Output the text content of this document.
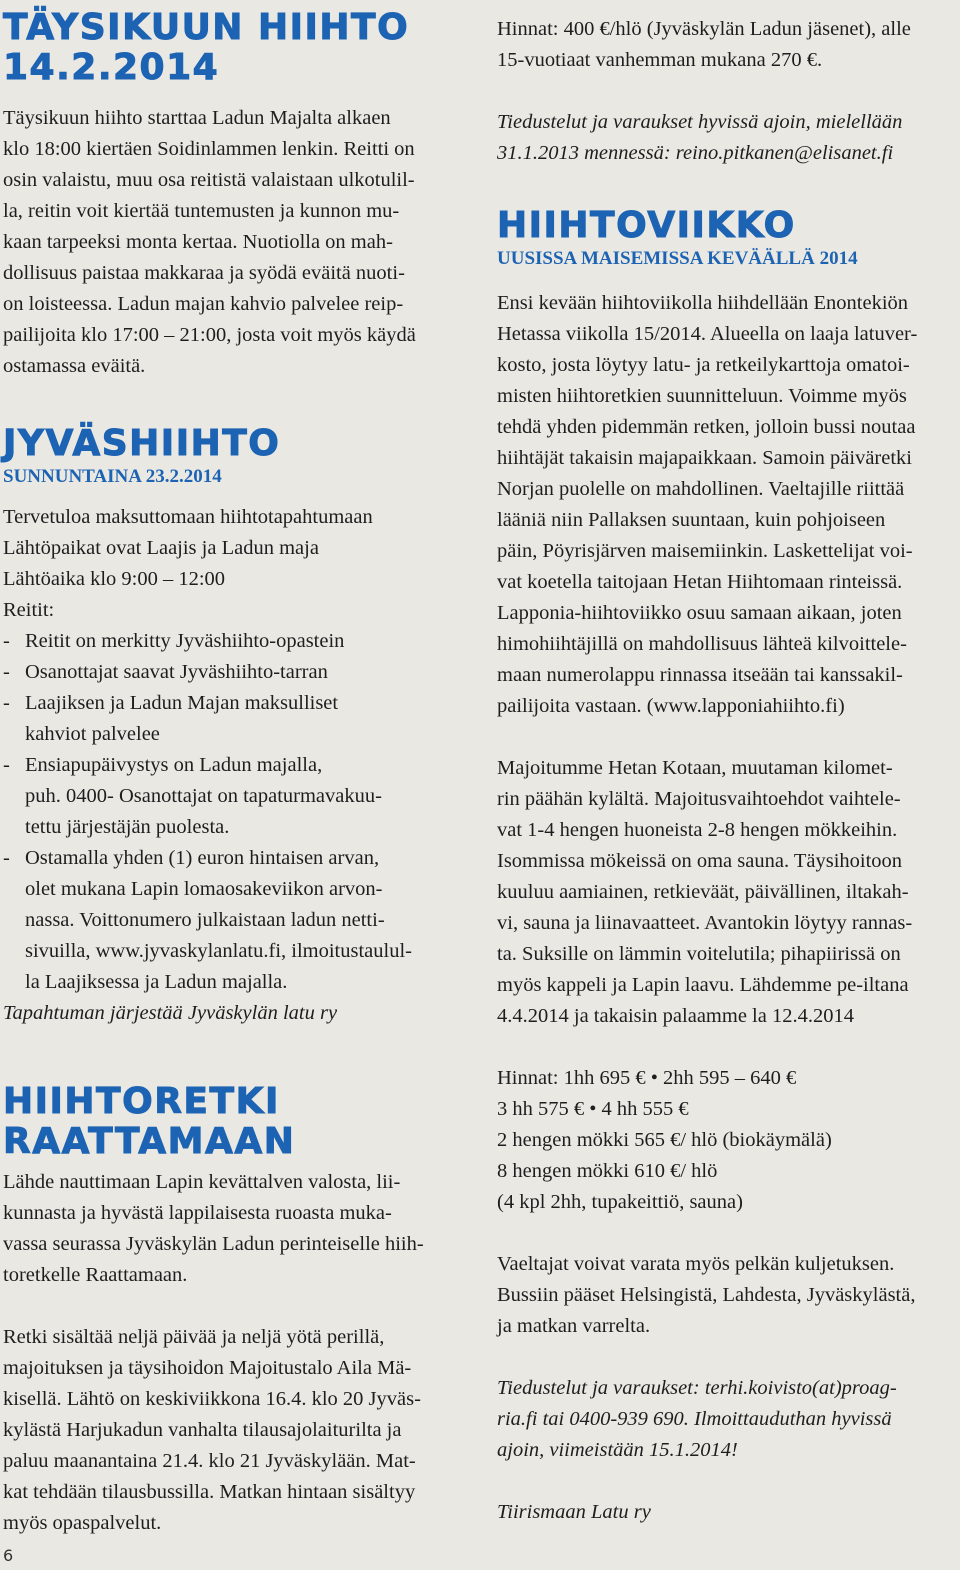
TÄYSIKUUN HIIHTO
14.2.2014
Täysikuun hiihto starttaa Ladun Majalta alkaen
klo 18:00 kiertäen Soidinlammen lenkin. Reitti on
osin valaistu, muu osa reitistä valaistaan ulkotulil-
la, reitin voit kiertää tuntemusten ja kunnon mu-
kaan tarpeeksi monta kertaa. Nuotiolla on mah-
dollisuus paistaa makkaraa ja syödä eväitä nuoti-
on loisteessa. Ladun majan kahvio palvelee reip-
pailijoita klo 17:00 – 21:00, josta voit myös käydä
ostamassa eväitä.
JYVÄSHIIHTO
SUNNUNTAINA 23.2.2014
Tervetuloa maksuttomaan hiihtotapahtumaan
Lähtöpaikat ovat Laajis ja Ladun maja
Lähtöaika klo 9:00 – 12:00
Reitit:
- Reitit on merkitty Jyväshiihto-opastein
- Osanottajat saavat Jyväshiihto-tarran
- Laajiksen ja Ladun Majan maksulliset
kahviot palvelee
- Ensiapupäivystys on Ladun majalla,
puh. 0400- Osanottajat on tapaturmavakuu-
tettu järjestäjän puolesta.
- Ostamalla yhden (1) euron hintaisen arvan,
olet mukana Lapin lomaosakeviikon arvon-
nassa. Voittonumero julkaistaan ladun netti-
sivuilla, www.jyvaskylanlatu.fi, ilmoitustaulul-
la Laajiksessa ja Ladun majalla.
Tapahtuman järjestää Jyväskylän latu ry
HIIHTORETKI
RAATTAMAAN
Lähde nauttimaan Lapin kevättalven valosta, lii-
kunnasta ja hyvästä lappilaisesta ruoasta muka-
vassa seurassa Jyväskylän Ladun perinteiselle hiih-
toretkelle Raattamaan.
Retki sisältää neljä päivää ja neljä yötä perillä,
majoituksen ja täysihoidon Majoitustalo Aila Mä-
kisellä. Lähtö on keskiviikkona 16.4. klo 20 Jyväs-
kylästä Harjukadun vanhalta tilausajolaiturilta ja
paluu maanantaina 21.4. klo 21 Jyväskylään. Mat-
kat tehdään tilausbussilla. Matkan hintaan sisältyy
myös opaspalvelut.
6
Hinnat: 400 €/hlö (Jyväskylän Ladun jäsenet), alle
15-vuotiaat vanhemman mukana 270 €.
Tiedustelut ja varaukset hyvissä ajoin, mielellään
31.1.2013 mennessä: reino.pitkanen@elisanet.fi
HIIHTOVIIKKO
UUSISSA MAISEMISSA KEVÄÄLLÄ 2014
Ensi kevään hiihtoviikolla hiihdellään Enontekiön
Hetassa viikolla 15/2014. Alueella on laaja latuver-
kosto, josta löytyy latu- ja retkeilykarttoja omatoi-
misten hiihtoretkien suunnitteluun. Voimme myös
tehdä yhden pidemmän retken, jolloin bussi noutaa
hiihtäjät takaisin majapaikkaan. Samoin päiväretki
Norjan puolelle on mahdollinen. Vaeltajille riittää
lääniä niin Pallaksen suuntaan, kuin pohjoiseen
päin, Pöyrisjärven maisemiinkin. Laskettelijat voi-
vat koetella taitojaan Hetan Hiihtomaan rinteissä.
Lapponia-hiihtoviikko osuu samaan aikaan, joten
himohiihtäjillä on mahdollisuus lähteä kilvoittele-
maan numerolappu rinnassa itseään tai kanssakil-
pailijoita vastaan. (www.lapponiahiihto.fi)
Majoitumme Hetan Kotaan, muutaman kilomet-
rin päähän kylältä. Majoitusvaihtoehdot vaihtele-
vat 1-4 hengen huoneista 2-8 hengen mökkeihin.
Isommissa mökeissä on oma sauna. Täysihoitoon
kuuluu aamiainen, retkieväät, päivällinen, iltakah-
vi, sauna ja liinavaatteet. Avantokin löytyy rannas-
ta. Suksille on lämmin voitelutila; pihapiirissä on
myös kappeli ja Lapin laavu. Lähdemme pe-iltana
4.4.2014 ja takaisin palaamme la 12.4.2014
Hinnat: 1hh 695 € • 2hh 595 – 640 €
3 hh 575 € • 4 hh 555 €
2 hengen mökki 565 €/ hlö (biokäymälä)
8 hengen mökki 610 €/ hlö
(4 kpl 2hh, tupakeittiö, sauna)
Vaeltajat voivat varata myös pelkän kuljetuksen.
Bussiin pääset Helsingistä, Lahdesta, Jyväskylästä,
ja matkan varrelta.
Tiedustelut ja varaukset: terhi.koivisto(at)proag-
ria.fi tai 0400-939 690. Ilmoittauduthan hyvissä
ajoin, viimeistään 15.1.2014!
Tiirismaan Latu ry
